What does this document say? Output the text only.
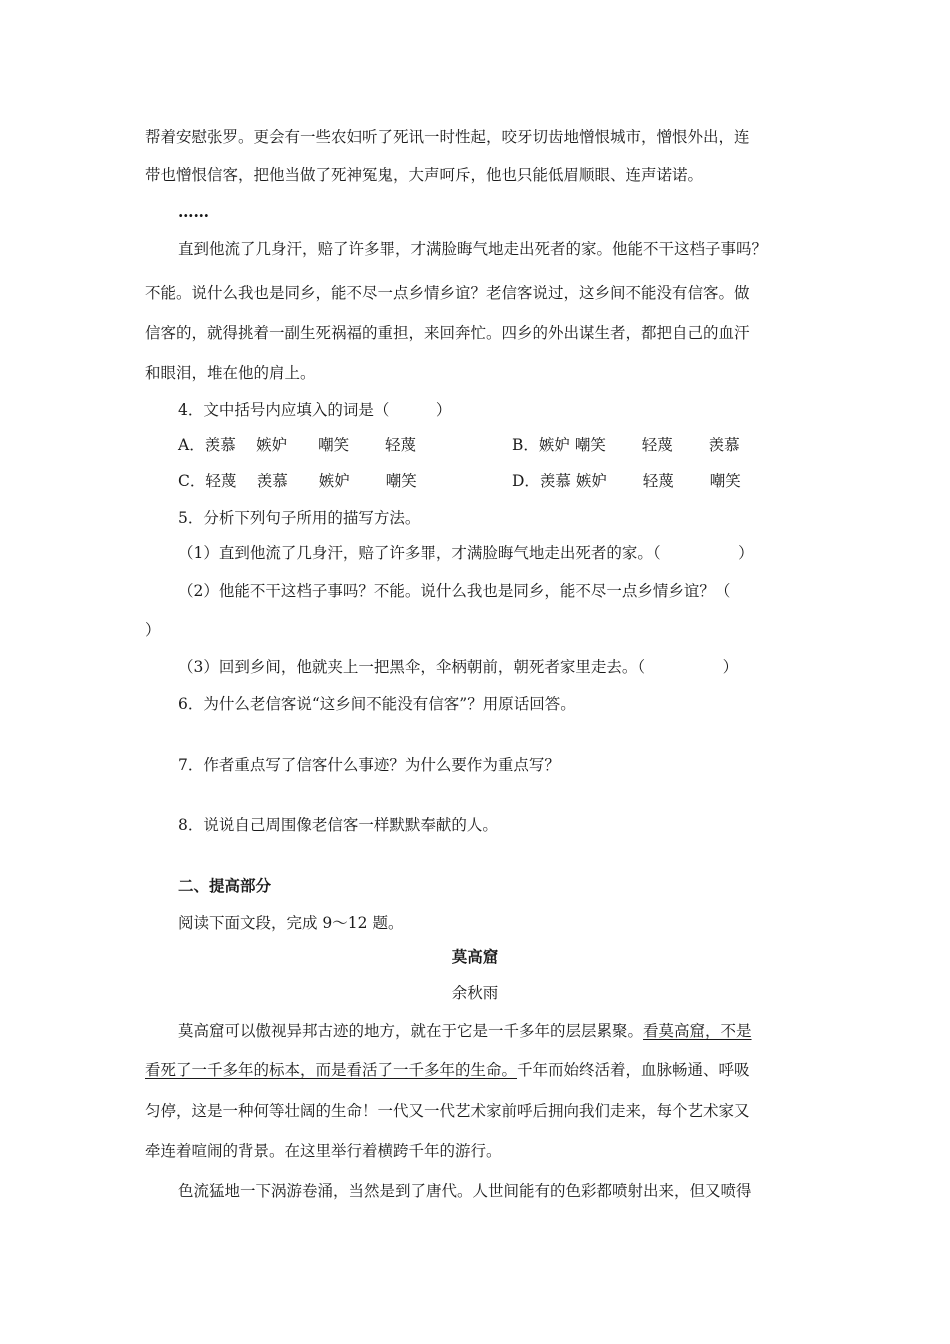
帮着安慰张罗。更会有一些农妇听了死讯一时性起，咬牙切齿地憎恨城市，憎恨外出，连
带也憎恨信客，把他当做了死神冤鬼，大声呵斥，他也只能低眉顺眼、连声诺诺。
……
直到他流了几身汗，赔了许多罪，才满脸晦气地走出死者的家。他能不干这档子事吗？
不能。说什么我也是同乡，能不尽一点乡情乡谊？老信客说过，这乡间不能没有信客。做
信客的，就得挑着一副生死祸福的重担，来回奔忙。四乡的外出谋生者，都把自己的血汗
和眼泪，堆在他的肩上。
4．文中括号内应填入的词是（　　　）
A．羡慕　 嫉妒　　嘲笑　　 轻蔑	B．嫉妒 嘲笑　　 轻蔑　　 羡慕
C．轻蔑　 羡慕　　嫉妒　　 嘲笑	D．羡慕 嫉妒　　 轻蔑　　 嘲笑
5．分析下列句子所用的描写方法。
（1）直到他流了几身汗，赔了许多罪，才满脸晦气地走出死者的家。（　　　　　）
（2）他能不干这档子事吗？不能。说什么我也是同乡，能不尽一点乡情乡谊？（
）
（3）回到乡间，他就夹上一把黑伞，伞柄朝前，朝死者家里走去。（　　　　　）
6．为什么老信客说“这乡间不能没有信客”？用原话回答。
7．作者重点写了信客什么事迹？为什么要作为重点写？
8．说说自己周围像老信客一样默默奉献的人。
二、提高部分
阅读下面文段，完成 9～12 题。
莫高窟
余秋雨
莫高窟可以傲视异邦古迹的地方，就在于它是一千多年的层层累聚。看莫高窟，不是
看死了一千多年的标本，而是看活了一千多年的生命。千年而始终活着，血脉畅通、呼吸
匀停，这是一种何等壮阔的生命！一代又一代艺术家前呼后拥向我们走来，每个艺术家又
牵连着喧闹的背景。在这里举行着横跨千年的游行。
色流猛地一下涡游卷涌，当然是到了唐代。人世间能有的色彩都喷射出来，但又喷得
